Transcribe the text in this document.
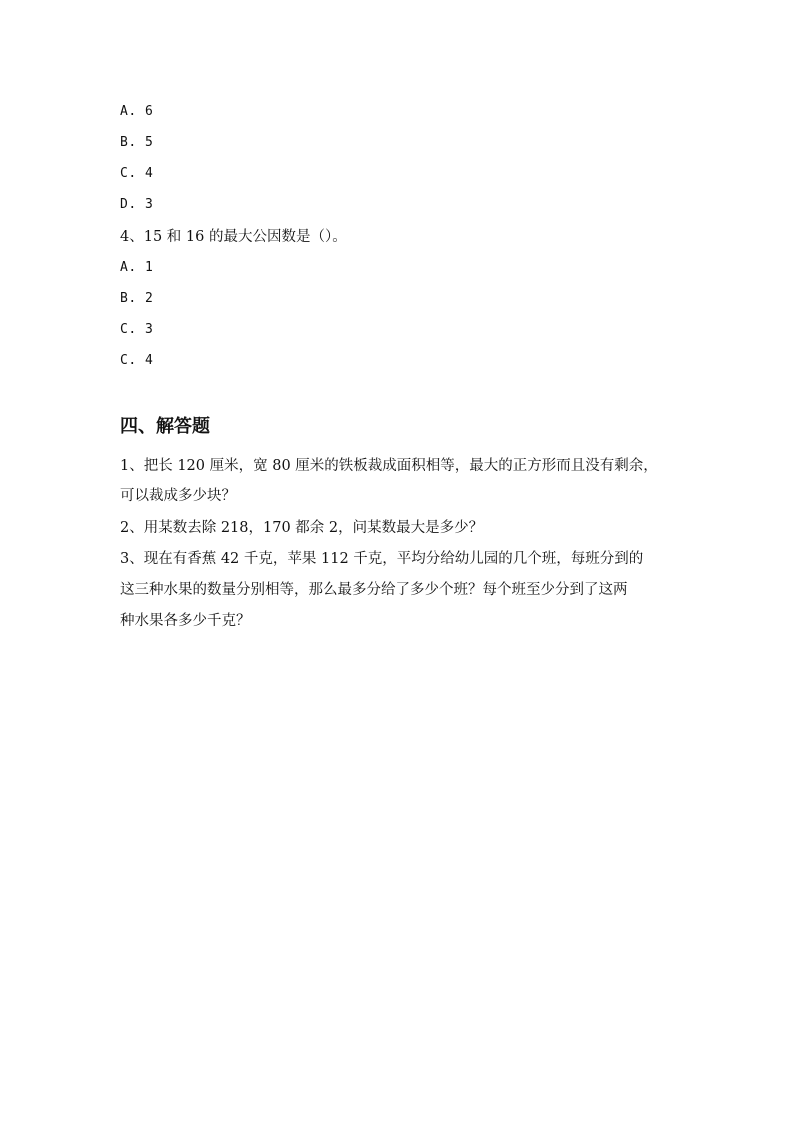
A. 6
B. 5
C. 4
D. 3
4、15 和 16 的最大公因数是（）。
A. 1
B. 2
C. 3
C. 4
四、解答题
1、把长 120 厘米，宽 80 厘米的铁板裁成面积相等，最大的正方形而且没有剩余，
可以裁成多少块？
2、用某数去除 218，170 都余 2，问某数最大是多少？
3、现在有香蕉 42 千克，苹果 112 千克，平均分给幼儿园的几个班，每班分到的
这三种水果的数量分别相等，那么最多分给了多少个班？每个班至少分到了这两
种水果各多少千克？
